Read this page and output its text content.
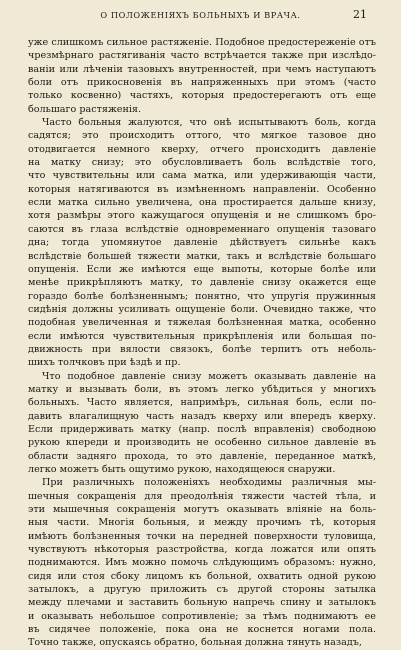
О ПОЛОЖЕНІЯХЪ БОЛЬНЫХЪ И ВРАЧА.	21
уже слишкомъ сильное растяженіе. Подобное предостереженіе отъ
чрезмѣрнаго растягиванія часто встрѣчается также при изслѣдо-
ваніи или лѣченіи тазовыхъ внутренностей, при чемъ наступаютъ
боли отъ прикосновенія въ напряженныхъ при этомъ (часто
только косвенно) частяхъ, которыя предостерегаютъ отъ еще
большаго растяженія.
Часто больныя жалуются, что онѣ испытываютъ боль, когда
садятся; это происходитъ оттого, что мягкое тазовое дно
отодвигается немного кверху, отчего происходитъ давленіе
на матку снизу; это обусловливаетъ боль вслѣдствіе того,
что чувствительны или сама матка, или удерживающія части,
которыя натягиваются въ измѣненномъ направленіи. Особенно
если матка сильно увеличена, она простирается дальше книзу,
хотя размѣры этого кажущагося опущенія и не слишкомъ бро-
саются въ глаза вслѣдствіе одновременнаго опущенія тазоваго
дна; тогда упомянутое давленіе дѣйствуетъ сильнѣе какъ
вслѣдствіе большей тяжести матки, такъ и вслѣдствіе большаго
опущенія. Если же имѣются еще выпоты, которые болѣе или
менѣе прикрѣпляютъ матку, то давленіе снизу окажется еще
гораздо болѣе болѣзненнымъ; понятно, что упругія пружинныя
сидѣнія должны усиливать ощущеніе боли. Очевидно также, что
подобная увеличенная и тяжелая болѣзненная матка, особенно
если имѣются чувствительныя прикрѣпленія или большая по-
движность при вялости связокъ, болѣе терпитъ отъ неболь-
шихъ толчковъ при ѣздѣ и пр.
Что подобное давленіе снизу можетъ оказывать давленіе на
матку и вызывать боли, въ этомъ легко убѣдиться у многихъ
больныхъ. Часто является, напримѣръ, сильная боль, если по-
давить влагалищную часть назадъ кверху или впередъ кверху.
Если придерживать матку (напр. послѣ вправленія) свободною
рукою кпереди и производить не особенно сильное давленіе въ
области задняго прохода, то это давленіе, переданное маткѣ,
легко можетъ быть ощутимо рукою, находящеюся снаружи.
При различныхъ положеніяхъ необходимы различныя мы-
шечныя сокращенія для преодолѣнія тяжести частей тѣла, и
эти мышечныя сокращенія могутъ оказывать вліяніе на боль-
ныя части. Многія больныя, и между прочимъ тѣ, которыя
имѣютъ болѣзненныя точки на передней поверхности туловища,
чувствуютъ нѣкоторыя разстройства, когда ложатся или опять
поднимаются. Имъ можно помочь слѣдующимъ образомъ: нужно,
сидя или стоя сбоку лицомъ къ больной, охватить одной рукою
затылокъ, а другую приложить съ другой стороны затылка
между плечами и заставить больную напречь спину и затылокъ
и оказывать небольшое сопротивленіе; за тѣмъ поднимаютъ ее
въ сидячее положеніе, пока она не коснется ногами пола.
Точно также, опускаясь обратно, больная должна тянуть назадъ,
